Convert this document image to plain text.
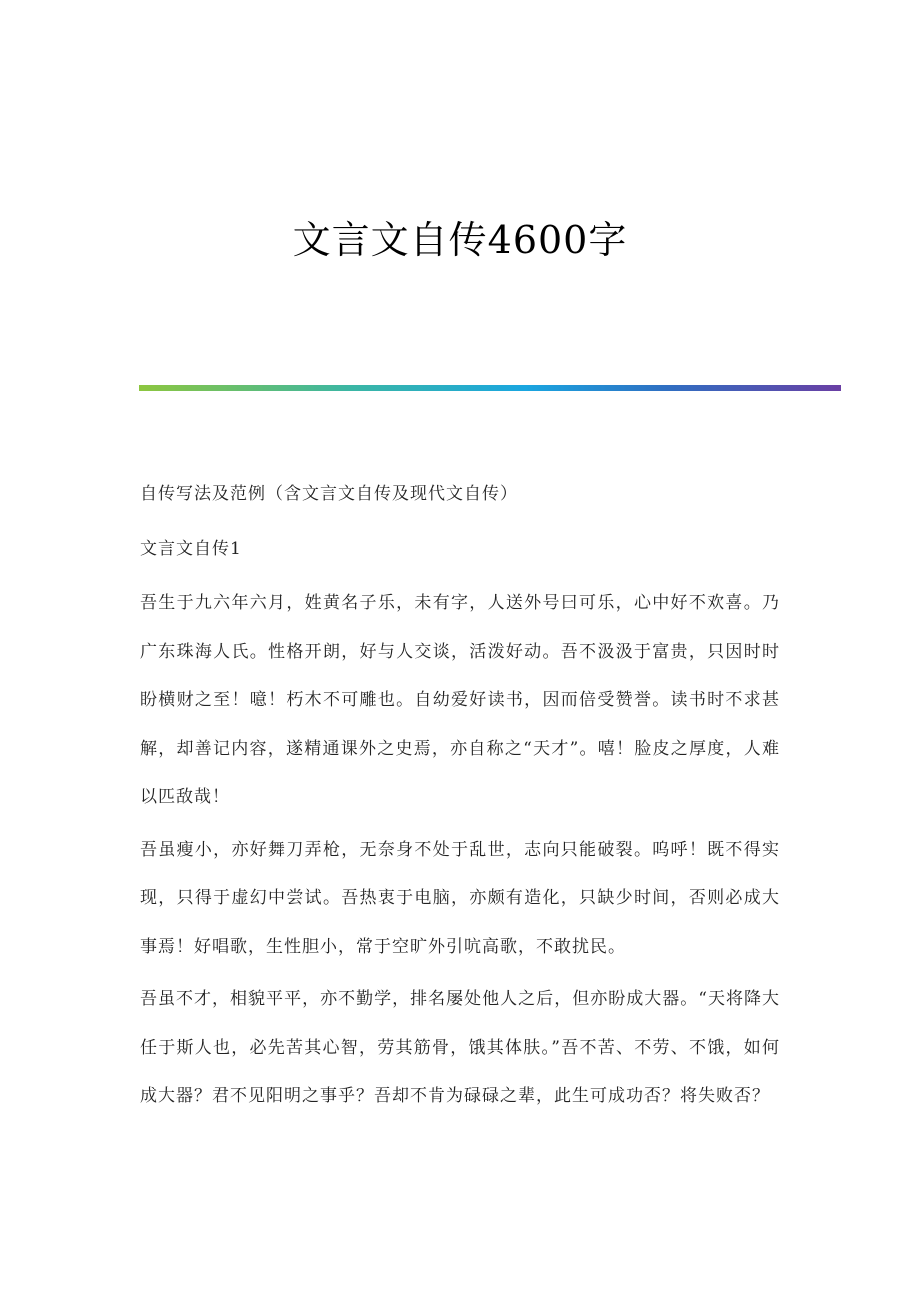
文言文自传4600字

自传写法及范例（含文言文自传及现代文自传）

文言文自传1

吾生于九六年六月，姓黄名子乐，未有字，人送外号曰可乐，心中好不欢喜。乃广东珠海人氏。性格开朗，好与人交谈，活泼好动。吾不汲汲于富贵，只因时时盼横财之至！噫！朽木不可雕也。自幼爱好读书，因而倍受赞誉。读书时不求甚解，却善记内容，遂精通课外之史焉，亦自称之“天才”。嘻！脸皮之厚度，人难以匹敌哉！

吾虽瘦小，亦好舞刀弄枪，无奈身不处于乱世，志向只能破裂。呜呼！既不得实现，只得于虚幻中尝试。吾热衷于电脑，亦颇有造化，只缺少时间，否则必成大事焉！好唱歌，生性胆小，常于空旷外引吭高歌，不敢扰民。

吾虽不才，相貌平平，亦不勤学，排名屡处他人之后，但亦盼成大器。“天将降大任于斯人也，必先苦其心智，劳其筋骨，饿其体肤。”吾不苦、不劳、不饿，如何成大器？君不见阳明之事乎？吾却不肯为碌碌之辈，此生可成功否？将失败否？
